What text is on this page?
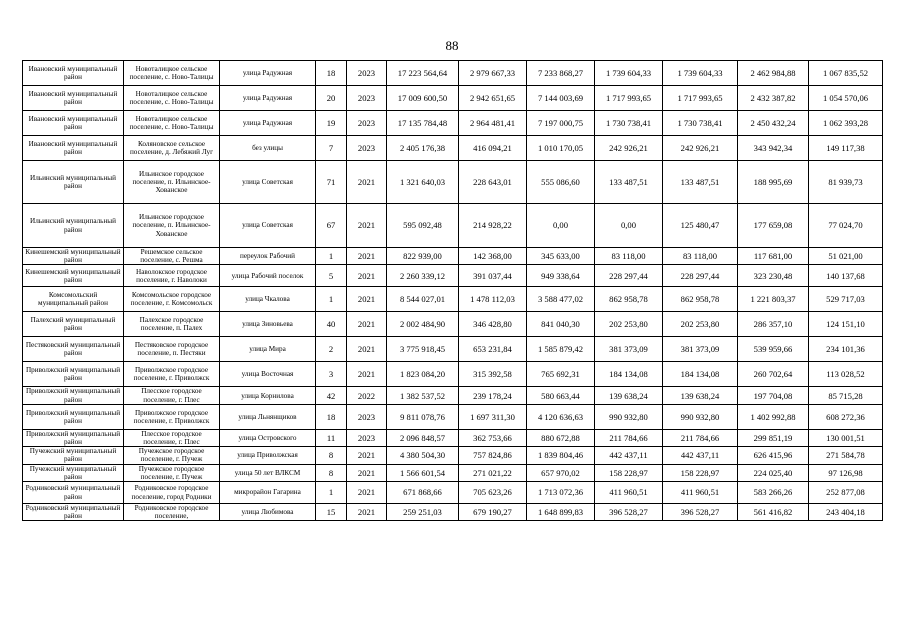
88
Ивановский муниципальный район	Новоталицкое сельское поселение, с. Ново-Талицы	улица Радужная	18	2023	17 223 564,64	2 979 667,33	7 233 868,27	1 739 604,33	1 739 604,33	2 462 984,88	1 067 835,52
Ивановский муниципальный район	Новоталицкое сельское поселение, с. Ново-Талицы	улица Радужная	20	2023	17 009 600,50	2 942 651,65	7 144 003,69	1 717 993,65	1 717 993,65	2 432 387,82	1 054 570,06
Ивановский муниципальный район	Новоталицкое сельское поселение, с. Ново-Талицы	улица Радужная	19	2023	17 135 784,48	2 964 481,41	7 197 000,75	1 730 738,41	1 730 738,41	2 450 432,24	1 062 393,28
Ивановский муниципальный район	Коляновское сельское поселение, д. Лебяжий Луг	без улицы	7	2023	2 405 176,38	416 094,21	1 010 170,05	242 926,21	242 926,21	343 942,34	149 117,38
Ильинский муниципальный район	Ильинское городское поселение, п. Ильинское-Хованское	улица Советская	71	2021	1 321 640,03	228 643,01	555 086,60	133 487,51	133 487,51	188 995,69	81 939,73
Ильинский муниципальный район	Ильинское городское поселение, п. Ильинское-Хованское	улица Советская	67	2021	595 092,48	214 928,22	0,00	0,00	125 480,47	177 659,08	77 024,70
Кинешемский муниципальный район	Решемское сельское поселение, с. Решма	переулок Рабочий	1	2021	822 939,00	142 368,00	345 633,00	83 118,00	83 118,00	117 681,00	51 021,00
Кинешемский муниципальный район	Наволокское городское поселение, г. Наволоки	улица Рабочий поселок	5	2021	2 260 339,12	391 037,44	949 338,64	228 297,44	228 297,44	323 230,48	140 137,68
Комсомольский муниципальный район	Комсомольское городское поселение, г. Комсомольск	улица Чкалова	1	2021	8 544 027,01	1 478 112,03	3 588 477,02	862 958,78	862 958,78	1 221 803,37	529 717,03
Палехский муниципальный район	Палехское городское поселение, п. Палех	улица Зиновьева	40	2021	2 002 484,90	346 428,80	841 040,30	202 253,80	202 253,80	286 357,10	124 151,10
Пестяковский муниципальный район	Пестяковское городское поселение, п. Пестяки	улица Мира	2	2021	3 775 918,45	653 231,84	1 585 879,42	381 373,09	381 373,09	539 959,66	234 101,36
Приволжский муниципальный район	Приволжское городское поселение, г. Приволжск	улица Восточная	3	2021	1 823 084,20	315 392,58	765 692,31	184 134,08	184 134,08	260 702,64	113 028,52
Приволжский муниципальный район	Плесское городское поселение, г. Плес	улица Корнилова	42	2022	1 382 537,52	239 178,24	580 663,44	139 638,24	139 638,24	197 704,08	85 715,28
Приволжский муниципальный район	Приволжское городское поселение, г. Приволжск	улица Льнянщиков	18	2023	9 811 078,76	1 697 311,30	4 120 636,63	990 932,80	990 932,80	1 402 992,88	608 272,36
Приволжский муниципальный район	Плесское городское поселение, г. Плес	улица Островского	11	2023	2 096 848,57	362 753,66	880 672,88	211 784,66	211 784,66	299 851,19	130 001,51
Пучежский муниципальный район	Пучежское городское поселение, г. Пучеж	улица Приволжская	8	2021	4 380 504,30	757 824,86	1 839 804,46	442 437,11	442 437,11	626 415,96	271 584,78
Пучежский муниципальный район	Пучежское городское поселение, г. Пучеж	улица 50 лет ВЛКСМ	8	2021	1 566 601,54	271 021,22	657 970,02	158 228,97	158 228,97	224 025,40	97 126,98
Родниковский муниципальный район	Родниковское городское поселение, город Родники	микрорайон Гагарина	1	2021	671 868,66	705 623,26	1 713 072,36	411 960,51	411 960,51	583 266,26	252 877,08
Родниковский муниципальный район	Родниковское городское поселение,	улица Любимова	15	2021	259 251,03	679 190,27	1 648 899,83	396 528,27	396 528,27	561 416,82	243 404,18
